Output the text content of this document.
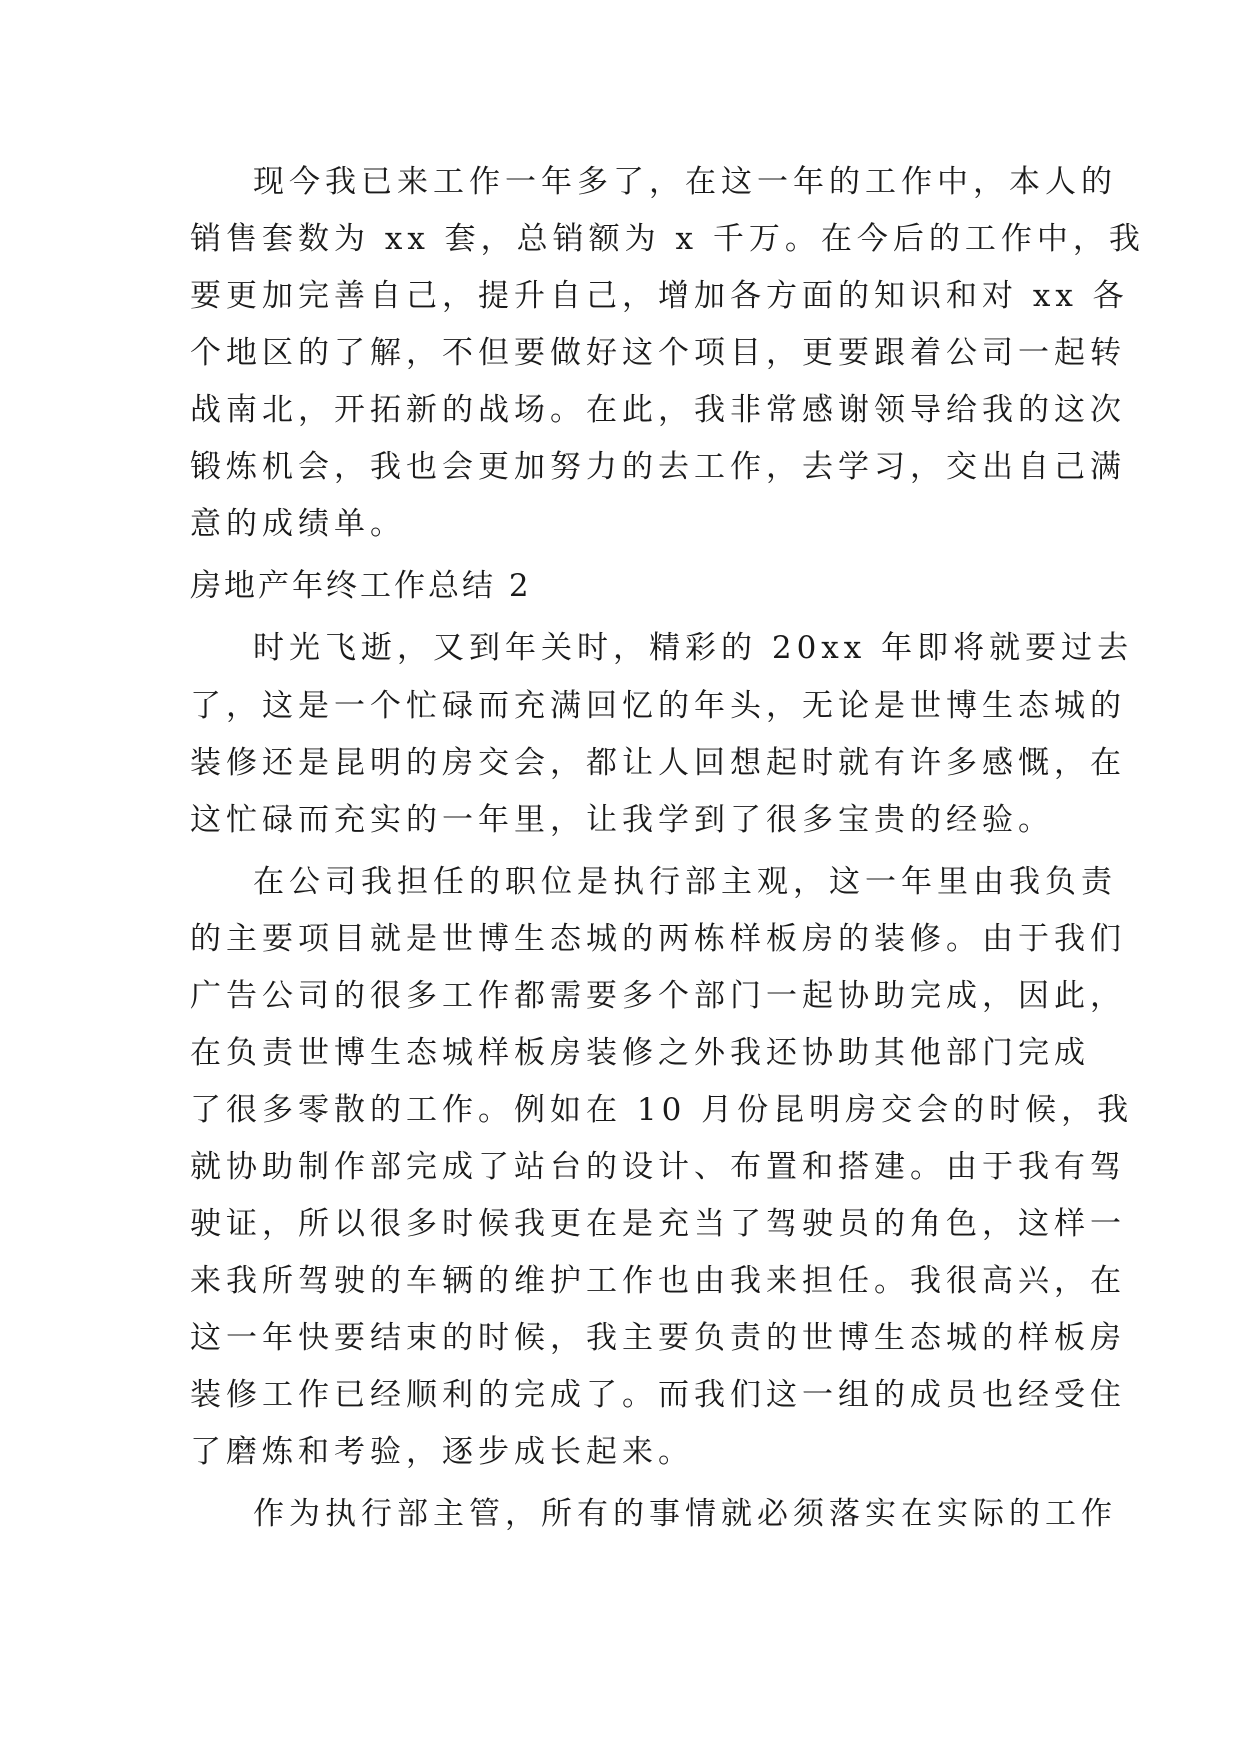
现今我已来工作一年多了，在这一年的工作中，本人的
销售套数为 xx 套，总销额为 x 千万。在今后的工作中，我
要更加完善自己，提升自己，增加各方面的知识和对 xx 各
个地区的了解，不但要做好这个项目，更要跟着公司一起转
战南北，开拓新的战场。在此，我非常感谢领导给我的这次
锻炼机会，我也会更加努力的去工作，去学习，交出自己满
意的成绩单。
房地产年终工作总结 2
时光飞逝，又到年关时，精彩的 20xx 年即将就要过去
了，这是一个忙碌而充满回忆的年头，无论是世博生态城的
装修还是昆明的房交会，都让人回想起时就有许多感慨，在
这忙碌而充实的一年里，让我学到了很多宝贵的经验。
在公司我担任的职位是执行部主观，这一年里由我负责
的主要项目就是世博生态城的两栋样板房的装修。由于我们
广告公司的很多工作都需要多个部门一起协助完成，因此，
在负责世博生态城样板房装修之外我还协助其他部门完成
了很多零散的工作。例如在 10 月份昆明房交会的时候，我
就协助制作部完成了站台的设计、布置和搭建。由于我有驾
驶证，所以很多时候我更在是充当了驾驶员的角色，这样一
来我所驾驶的车辆的维护工作也由我来担任。我很高兴，在
这一年快要结束的时候，我主要负责的世博生态城的样板房
装修工作已经顺利的完成了。而我们这一组的成员也经受住
了磨炼和考验，逐步成长起来。
作为执行部主管，所有的事情就必须落实在实际的工作
